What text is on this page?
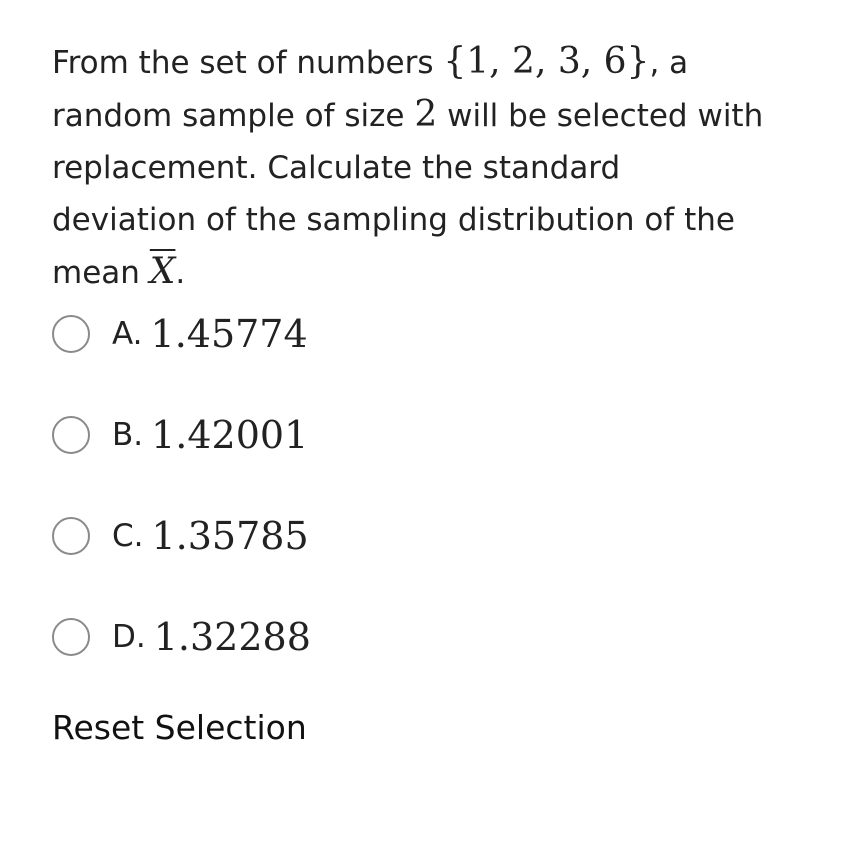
From the set of numbers {1, 2, 3, 6}, a random sample of size 2 will be selected with replacement. Calculate the standard deviation of the sampling distribution of the mean $\overline{X}$.
A. 1.45774
B. 1.42001
C. 1.35785
D. 1.32288
Reset Selection
